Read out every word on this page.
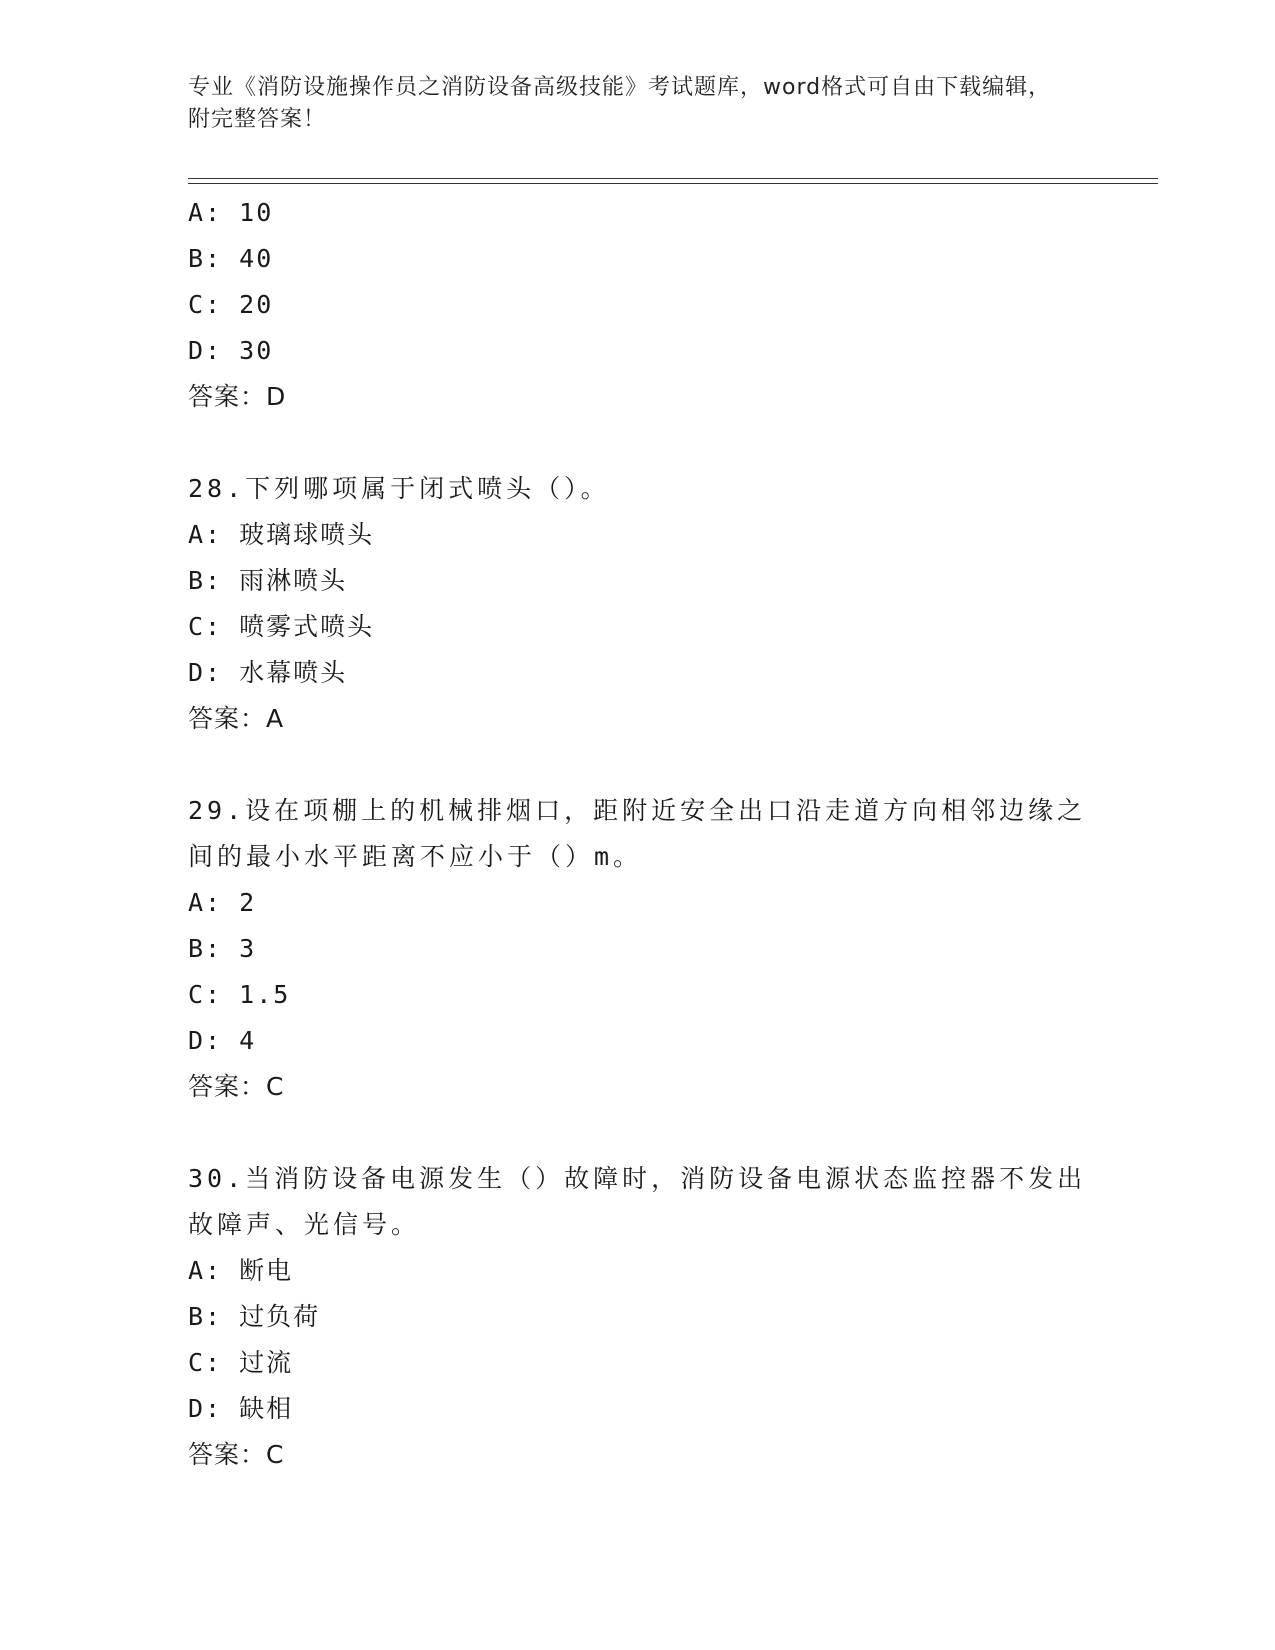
专业《消防设施操作员之消防设备高级技能》考试题库，word格式可自由下载编辑，附完整答案！
A: 10
B: 40
C: 20
D: 30
答案：D
28.下列哪项属于闭式喷头（）。
A: 玻璃球喷头
B: 雨淋喷头
C: 喷雾式喷头
D: 水幕喷头
答案：A
29.设在项棚上的机械排烟口，距附近安全出口沿走道方向相邻边缘之间的最小水平距离不应小于（）m。
A: 2
B: 3
C: 1.5
D: 4
答案：C
30.当消防设备电源发生（）故障时，消防设备电源状态监控器不发出故障声、光信号。
A: 断电
B: 过负荷
C: 过流
D: 缺相
答案：C
